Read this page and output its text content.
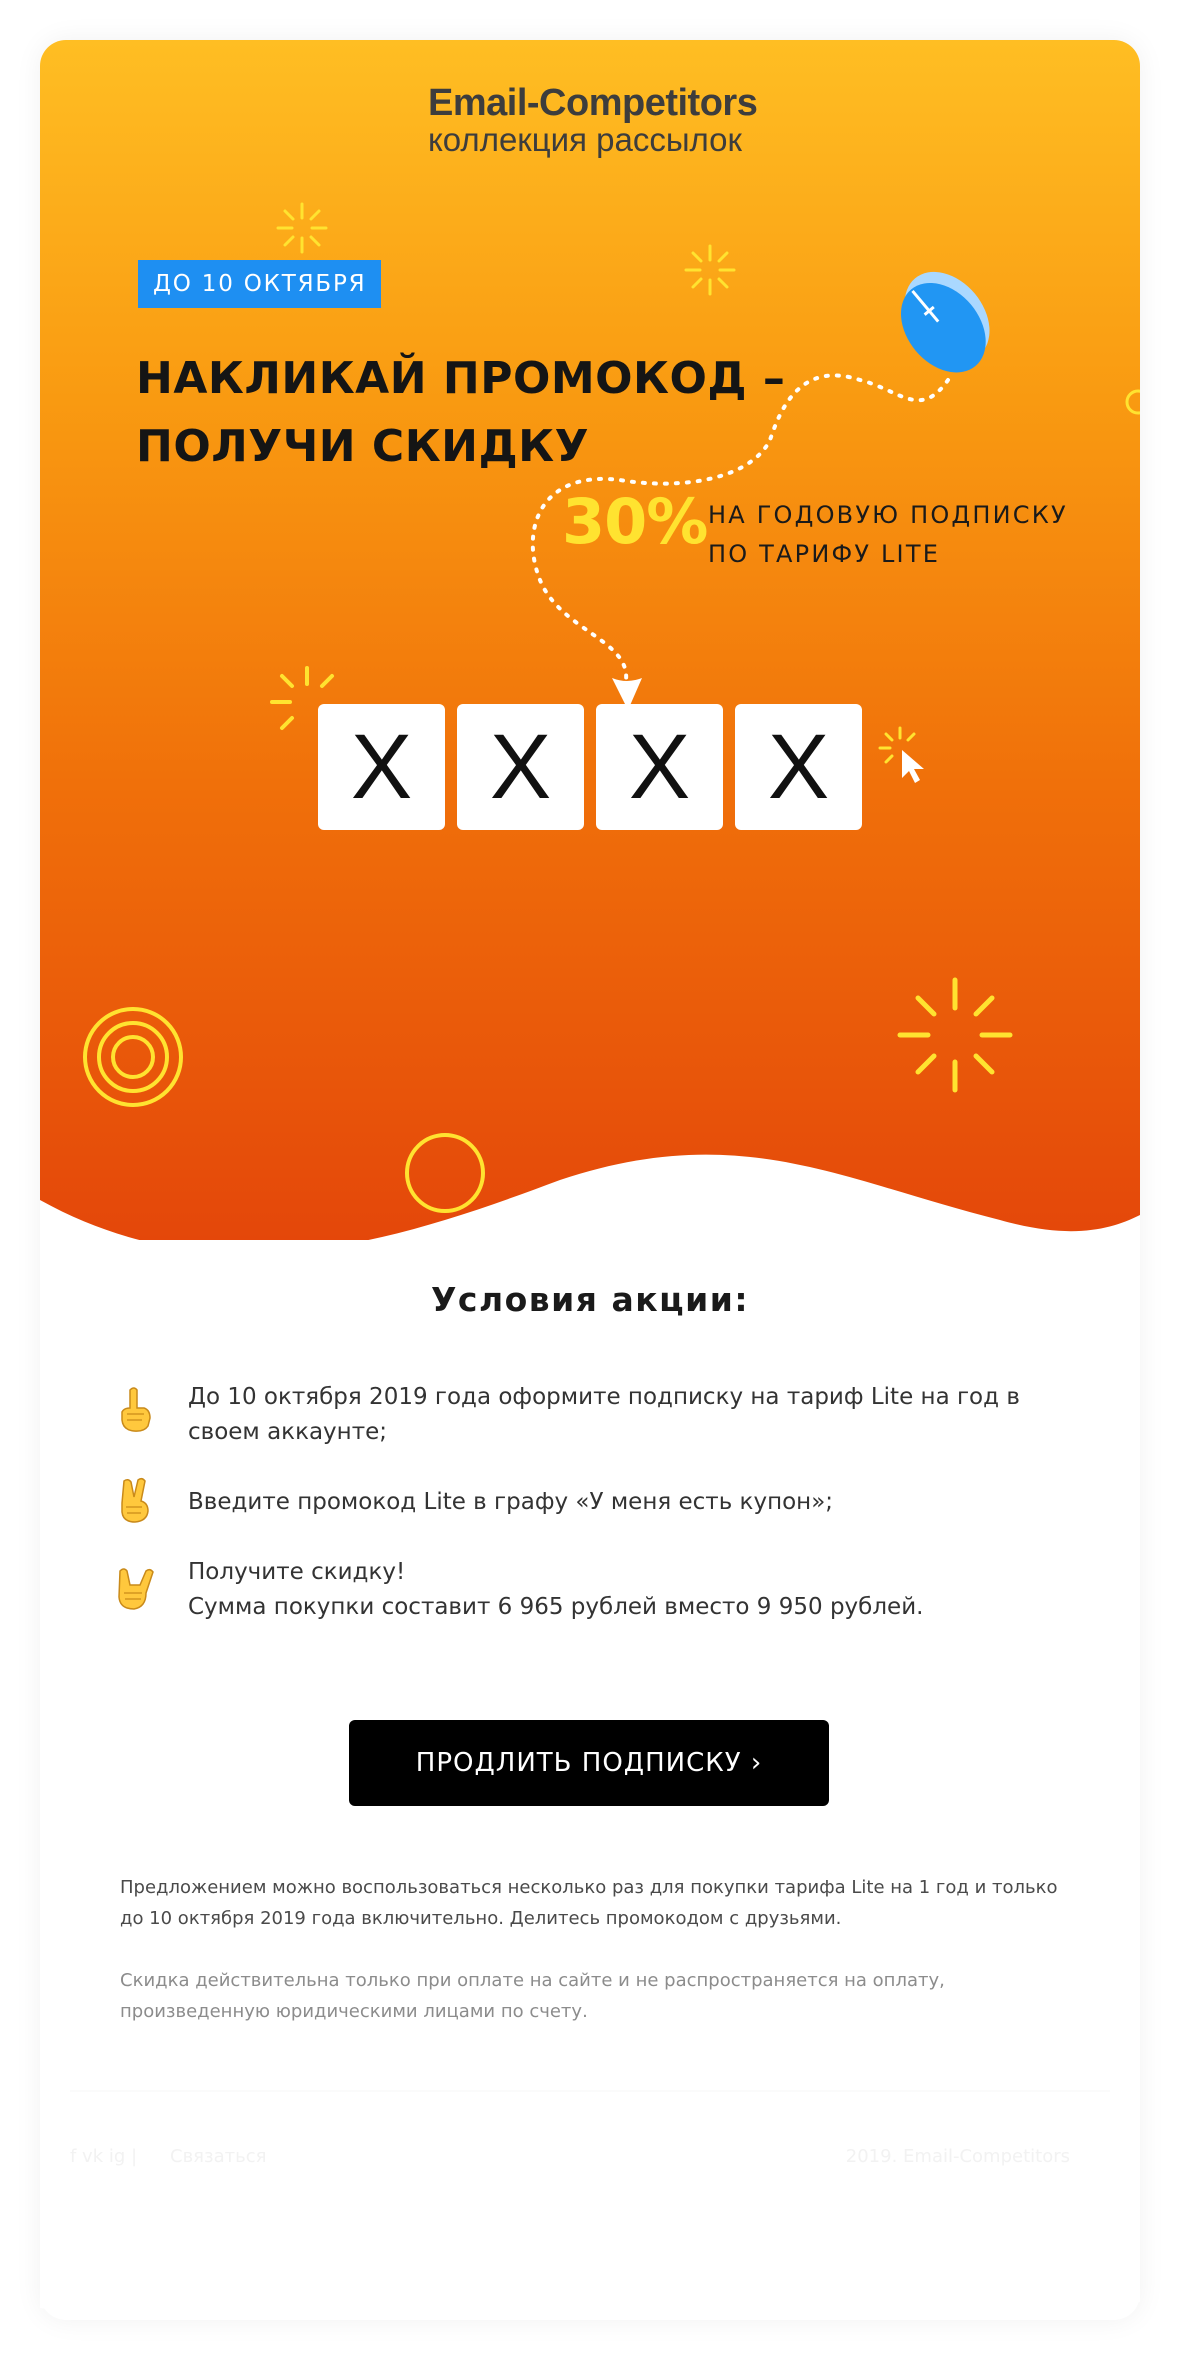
Email-Competitors
коллекция рассылок
ДО 10 ОКТЯБРЯ
НАКЛИКАЙ ПРОМОКОД –
ПОЛУЧИ СКИДКУ
30% НА ГОДОВУЮ ПОДПИСКУ
ПО ТАРИФУ LITE
X X X X
Условия акции:
До 10 октября 2019 года оформите подписку на тариф Lite на год в
своем аккаунте;
Введите промокод Lite в графу «У меня есть купон»;
Получите скидку!
Сумма покупки составит 6 965 рублей вместо 9 950 рублей.
ПРОДЛИТЬ ПОДПИСКУ ›
Предложением можно воспользоваться несколько раз для покупки тарифа Lite на 1 год и только
до 10 октября 2019 года включительно. Делитесь промокодом с друзьями.
Скидка действительна только при оплате на сайте и не распространяется на оплату,
произведенную юридическими лицами по счету.
f vk ig | Связаться	2019. Email-Competitors
